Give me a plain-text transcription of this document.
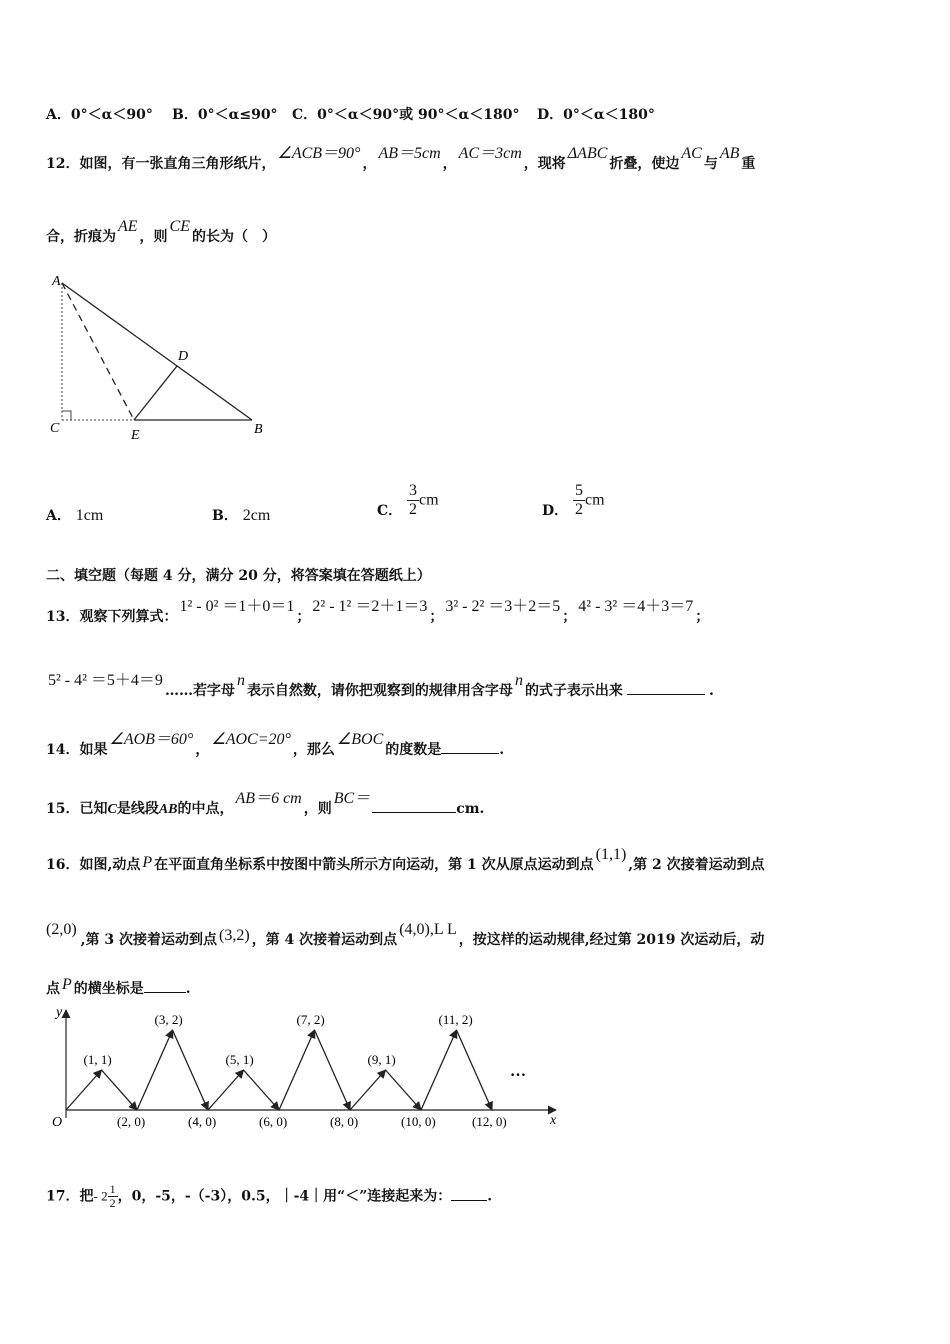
A．0°＜α＜90° B．0°＜α≤90° C．0°＜α＜90°或 90°＜α＜180° D．0°＜α＜180°
12．如图，有一张直角三角形纸片，∠ACB＝90°，AB＝5cm，AC＝3cm，现将ΔABC折叠，使边AC与AB重
合，折痕为AE，则CE的长为（　）
A
B
C
D
E
A． 1cm	B． 2cm	C． $\frac{3}{2}$ cm
D． $\frac{5}{2}$ cm
二、填空题（每题 4 分，满分 20 分，将答案填在答题纸上）
13．观察下列算式：1² - 0² ＝1＋0＝1；2² - 1² ＝2＋1＝3；3² - 2² ＝3＋2＝5；4² - 3² ＝4＋3＝7；
5² - 4² ＝5＋4＝9……若字母n表示自然数，请你把观察到的规律用含字母n的式子表示出来	.
14．如果∠AOB＝60°，∠AOC=20°，那么∠BOC的度数是	.
15．已知C是线段AB的中点，AB＝6 cm，则BC＝cm.
16．如图,动点 P 在平面直角坐标系中按图中箭头所示方向运动，第 1 次从原点运动到点(1,1),第 2 次接着运动到点
(2,0),第 3 次接着运动到点 (3,2) ，第 4 次接着运动到点(4,0),L L，按这样的运动规律,经过第 2019 次运动后，动
点 P 的横坐标是	.
x
y
O
(1, 1)
(3, 2)
(5, 1)
(7, 2)
(9, 1)
(11, 2)
(2, 0)	(4, 0)	(6, 0)	(8, 0)	(10, 0)	(12, 0)
…
17．把- $2 \frac{1}{2}$ ，0，-5，-（-3），0.5，｜-4｜用“＜”连接起来为：	.
